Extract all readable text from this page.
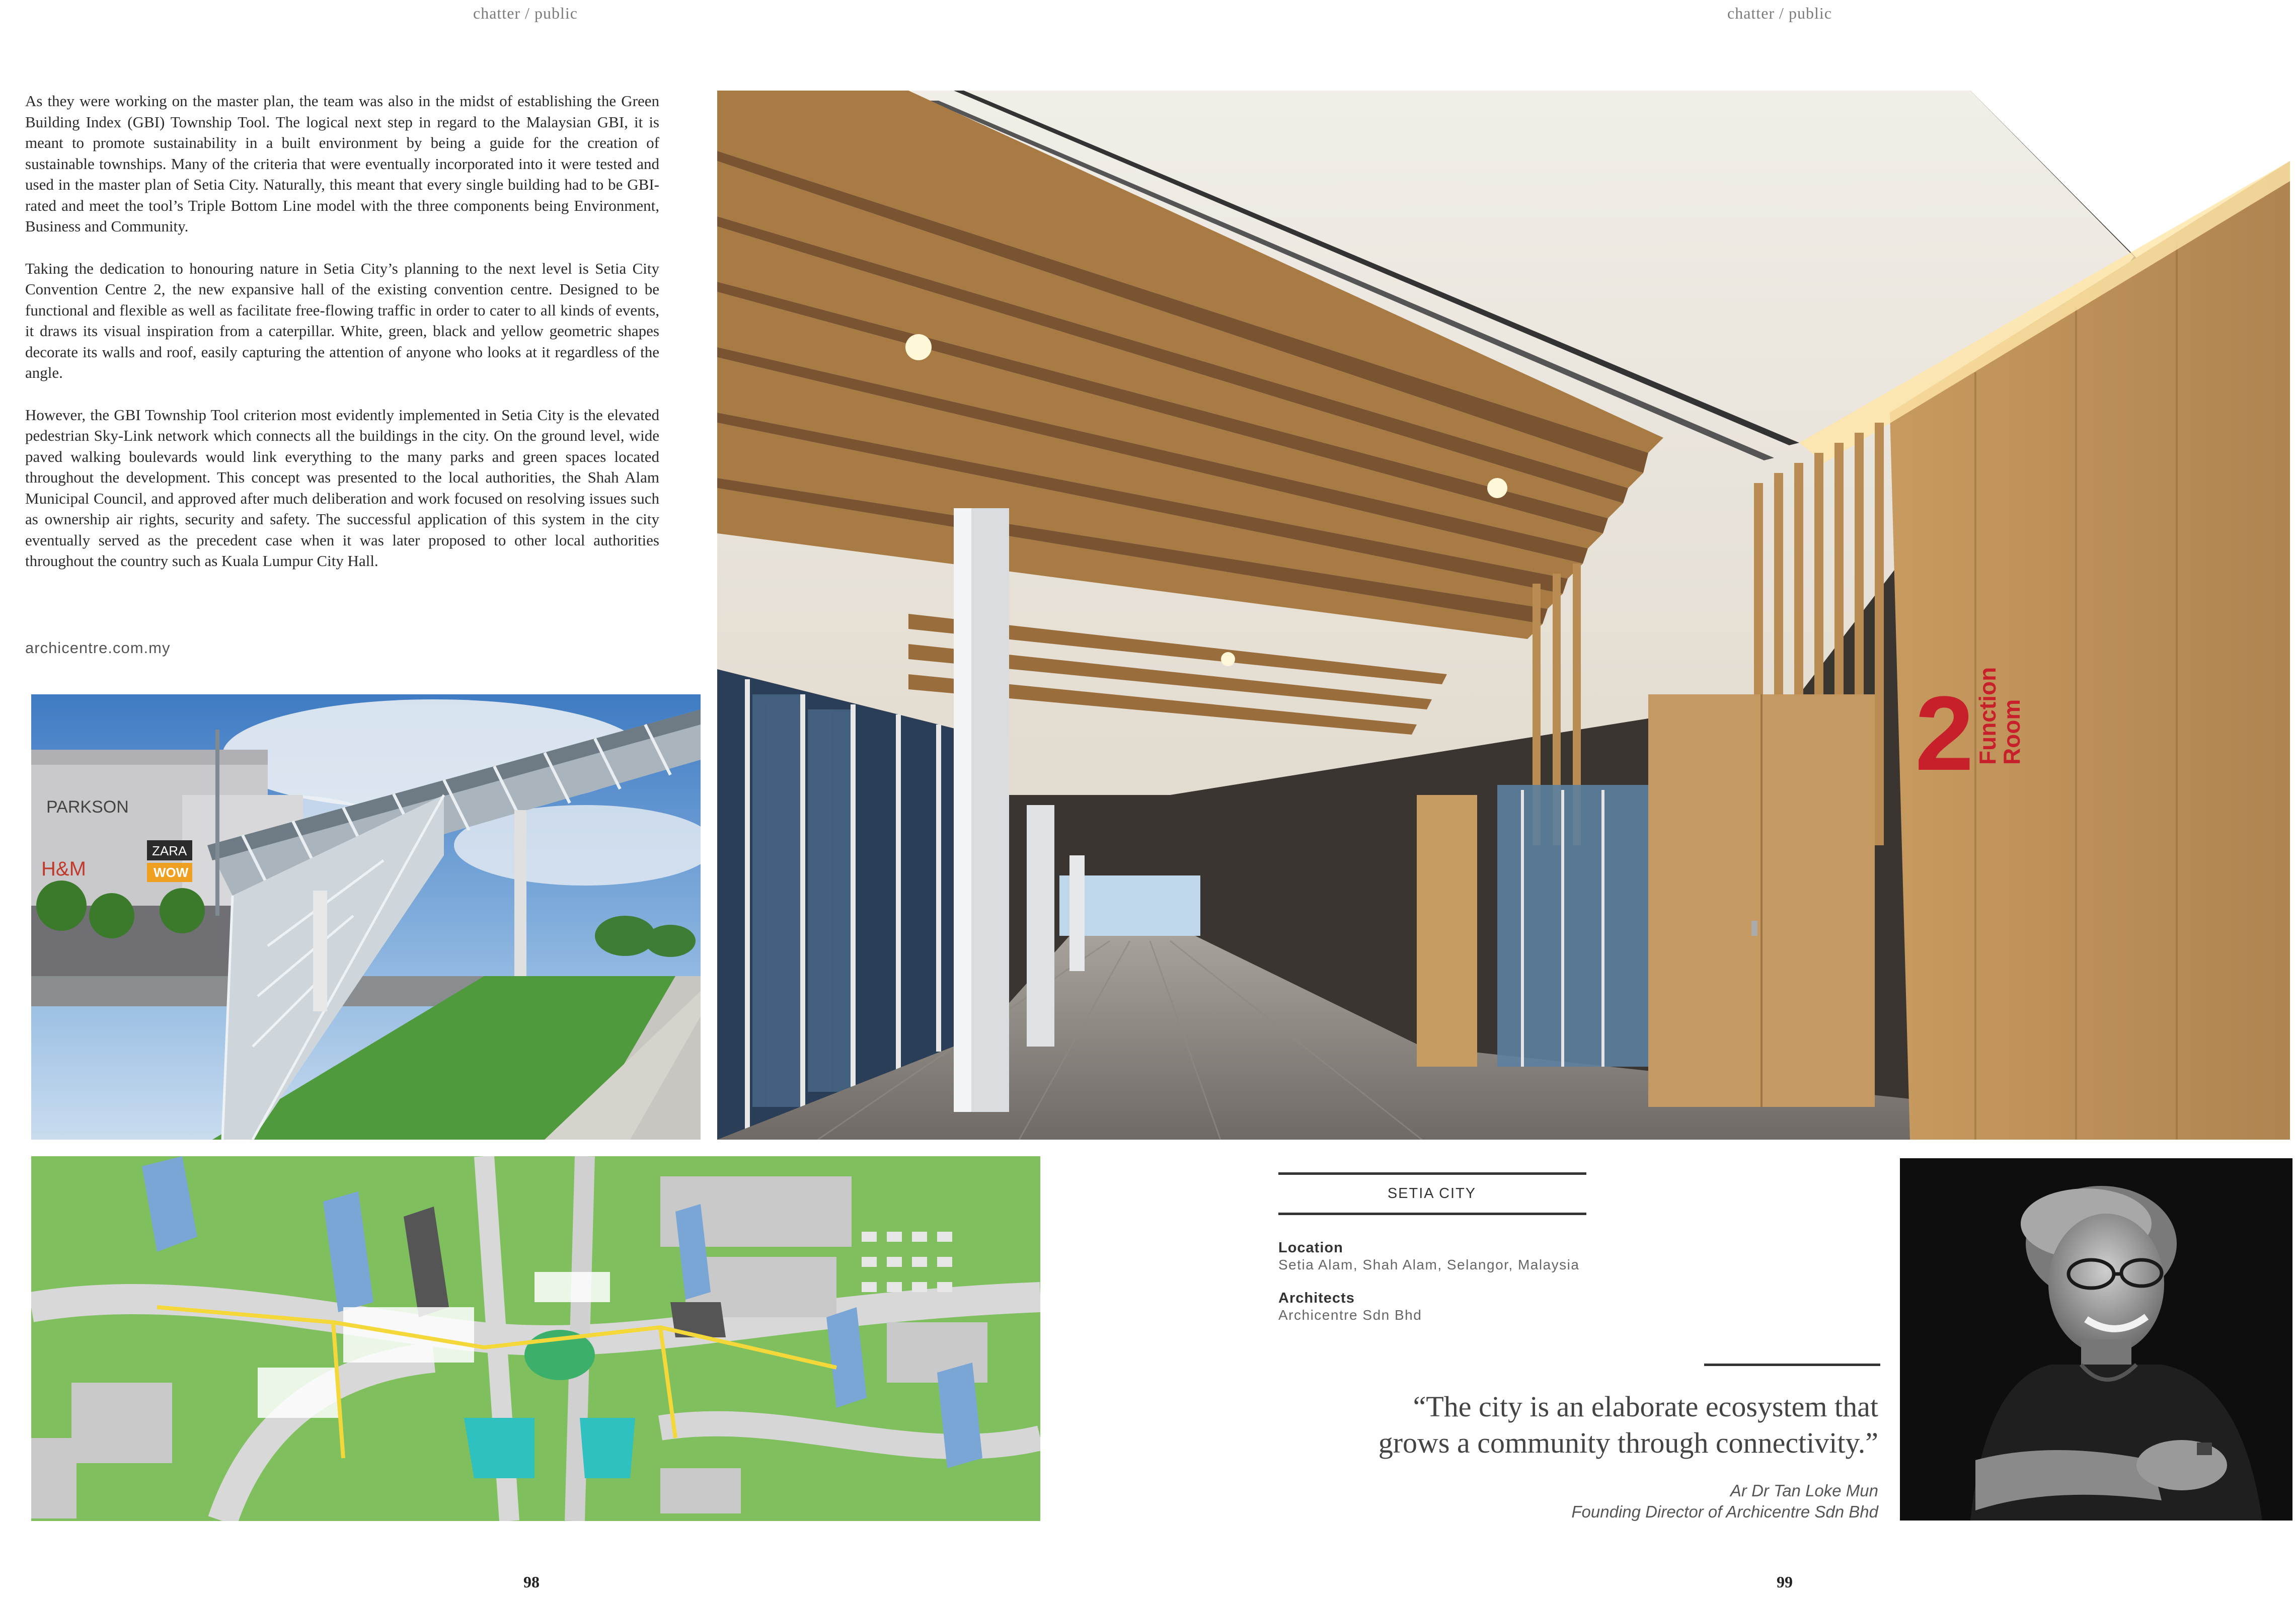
chatter / public	chatter / public

As they were working on the master plan, the team was also in the midst of establishing the Green Building Index (GBI) Township Tool. The logical next step in regard to the Malaysian GBI, it is meant to promote sustainability in a built environment by being a guide for the creation of sustainable townships. Many of the criteria that were eventually incorporated into it were tested and used in the master plan of Setia City. Naturally, this meant that every single building had to be GBI-rated and meet the tool’s Triple Bottom Line model with the three components being Environment, Business and Community.

Taking the dedication to honouring nature in Setia City’s planning to the next level is Setia City Convention Centre 2, the new expansive hall of the existing convention centre. Designed to be functional and flexible as well as facilitate free-flowing traffic in order to cater to all kinds of events, it draws its visual inspiration from a caterpillar. White, green, black and yellow geometric shapes decorate its walls and roof, easily capturing the attention of anyone who looks at it regardless of the angle.

However, the GBI Township Tool criterion most evidently implemented in Setia City is the elevated pedestrian Sky-Link network which connects all the buildings in the city. On the ground level, wide paved walking boulevards would link everything to the many parks and green spaces located throughout the development. This concept was presented to the local authorities, the Shah Alam Municipal Council, and approved after much deliberation and work focused on resolving issues such as ownership air rights, security and safety. The successful application of this system in the city eventually served as the precedent case when it was later proposed to other local authorities throughout the country such as Kuala Lumpur City Hall.

archicentre.com.my
PARKSON
H&M
ZARA
WOW
2 Function
Room
SETIA CITY
Location
Setia Alam, Shah Alam, Selangor, Malaysia
Architects
Archicentre Sdn Bhd
“The city is an elaborate ecosystem that
grows a community through connectivity.”
Ar Dr Tan Loke Mun
Founding Director of Archicentre Sdn Bhd
98	99
